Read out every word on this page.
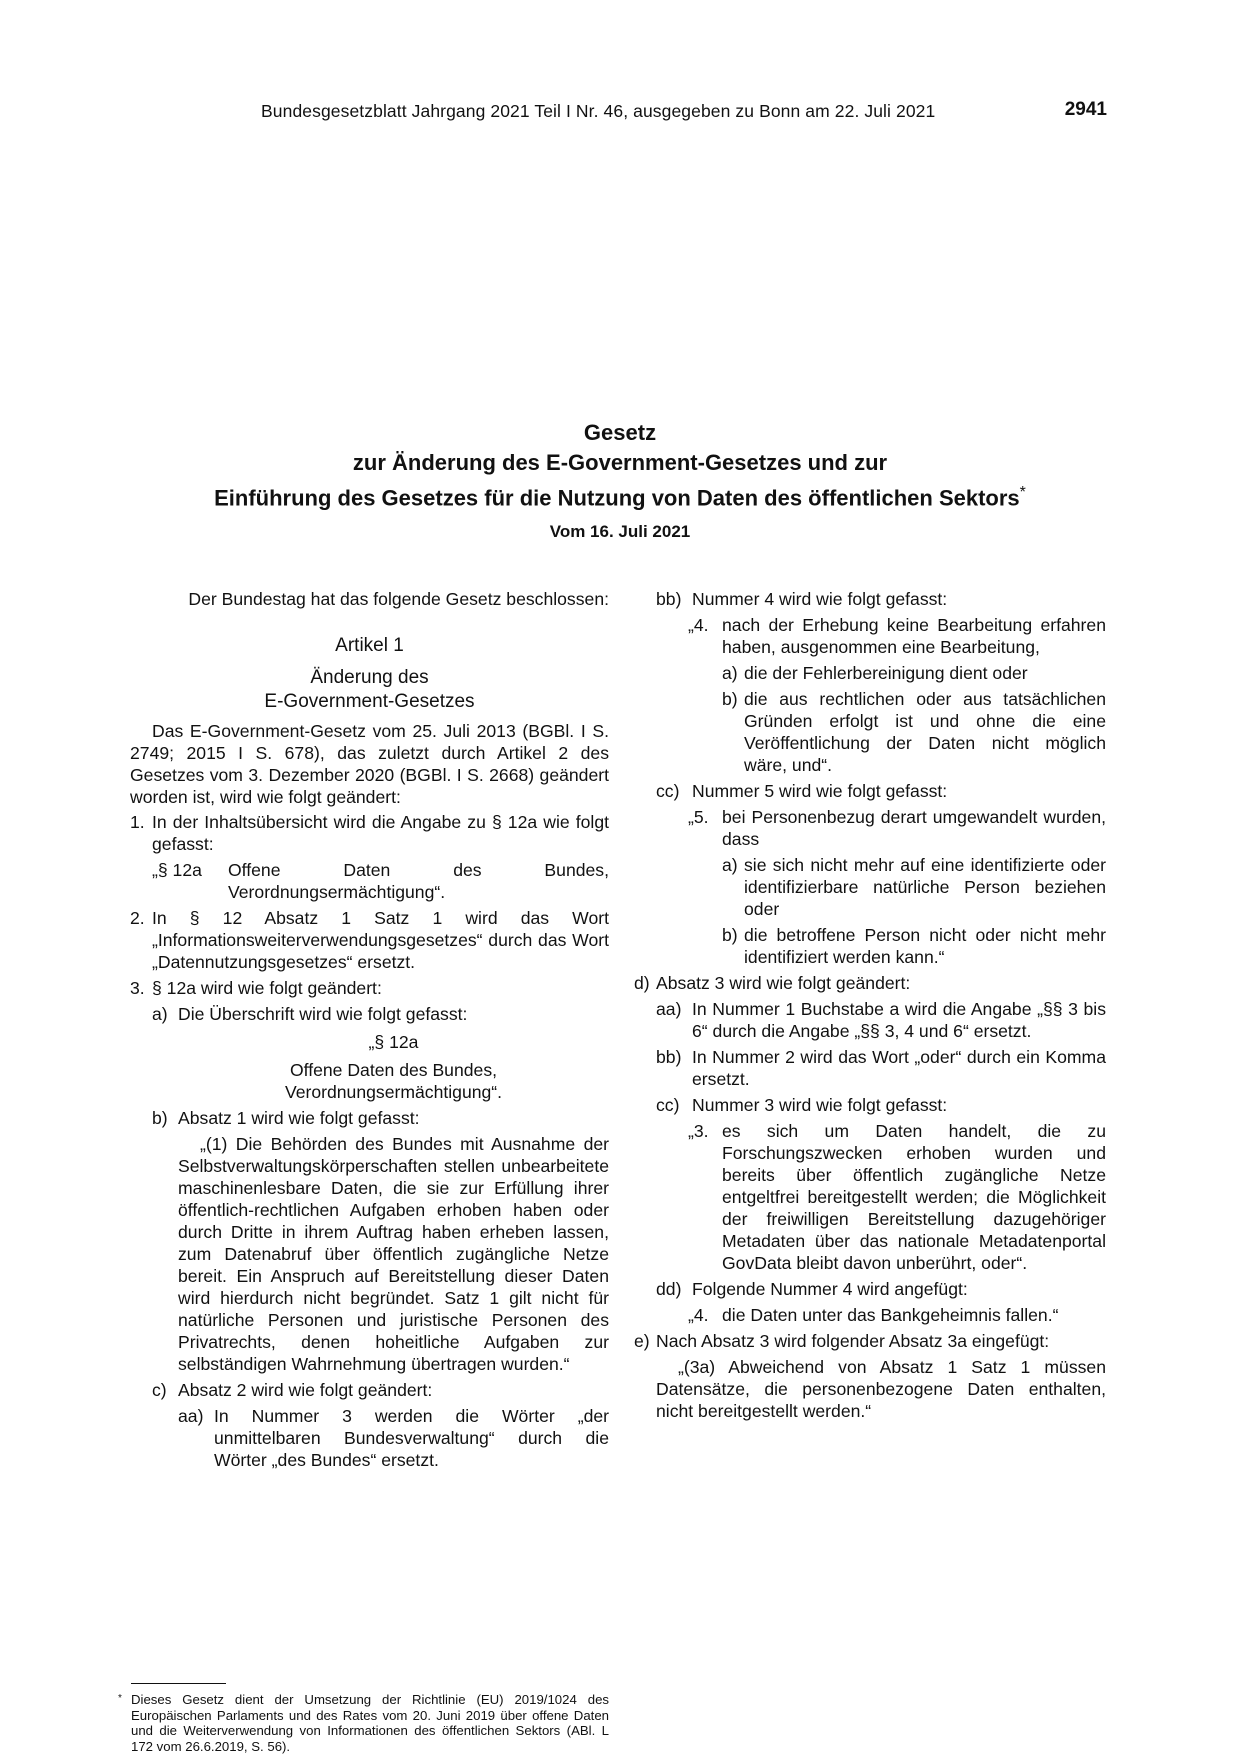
Bundesgesetzblatt Jahrgang 2021 Teil I Nr. 46, ausgegeben zu Bonn am 22. Juli 2021	2941
Gesetz
zur Änderung des E-Government-Gesetzes und zur
Einführung des Gesetzes für die Nutzung von Daten des öffentlichen Sektors*
Vom 16. Juli 2021

Der Bundestag hat das folgende Gesetz beschlossen:

Artikel 1

Änderung des

E-Government-Gesetzes

Das E-Government-Gesetz vom 25. Juli 2013 (BGBl. I S. 2749; 2015 I S. 678), das zuletzt durch Artikel 2 des Gesetzes vom 3. Dezember 2020 (BGBl. I S. 2668) geändert worden ist, wird wie folgt geändert:

1. In der Inhaltsübersicht wird die Angabe zu § 12a wie folgt gefasst:

„§ 12a Offene Daten des Bundes, Verordnungsermächtigung“.

2. In § 12 Absatz 1 Satz 1 wird das Wort „Informationsweiterverwendungsgesetzes“ durch das Wort „Datennutzungsgesetzes“ ersetzt.

3. § 12a wird wie folgt geändert:

a) Die Überschrift wird wie folgt gefasst:

„§ 12a

Offene Daten des Bundes,

Verordnungsermächtigung“.

b) Absatz 1 wird wie folgt gefasst:

„(1) Die Behörden des Bundes mit Ausnahme der Selbstverwaltungskörperschaften stellen unbearbeitete maschinenlesbare Daten, die sie zur Erfüllung ihrer öffentlich-rechtlichen Aufgaben erhoben haben oder durch Dritte in ihrem Auftrag haben erheben lassen, zum Datenabruf über öffentlich zugängliche Netze bereit. Ein Anspruch auf Bereitstellung dieser Daten wird hierdurch nicht begründet. Satz 1 gilt nicht für natürliche Personen und juristische Personen des Privatrechts, denen hoheitliche Aufgaben zur selbständigen Wahrnehmung übertragen wurden.“

c) Absatz 2 wird wie folgt geändert:

aa) In Nummer 3 werden die Wörter „der unmittelbaren Bundesverwaltung“ durch die Wörter „des Bundes“ ersetzt.

bb) Nummer 4 wird wie folgt gefasst:

„4. nach der Erhebung keine Bearbeitung erfahren haben, ausgenommen eine Bearbeitung,

a) die der Fehlerbereinigung dient oder

b) die aus rechtlichen oder aus tatsächlichen Gründen erfolgt ist und ohne die eine Veröffentlichung der Daten nicht möglich wäre, und“.

cc) Nummer 5 wird wie folgt gefasst:

„5. bei Personenbezug derart umgewandelt wurden, dass

a) sie sich nicht mehr auf eine identifizierte oder identifizierbare natürliche Person beziehen oder

b) die betroffene Person nicht oder nicht mehr identifiziert werden kann.“

d) Absatz 3 wird wie folgt geändert:

aa) In Nummer 1 Buchstabe a wird die Angabe „§§ 3 bis 6“ durch die Angabe „§§ 3, 4 und 6“ ersetzt.

bb) In Nummer 2 wird das Wort „oder“ durch ein Komma ersetzt.

cc) Nummer 3 wird wie folgt gefasst:

„3. es sich um Daten handelt, die zu Forschungszwecken erhoben wurden und bereits über öffentlich zugängliche Netze entgeltfrei bereitgestellt werden; die Möglichkeit der freiwilligen Bereitstellung dazugehöriger Metadaten über das nationale Metadatenportal GovData bleibt davon unberührt, oder“.

dd) Folgende Nummer 4 wird angefügt:

„4. die Daten unter das Bankgeheimnis fallen.“

e) Nach Absatz 3 wird folgender Absatz 3a eingefügt:

„(3a) Abweichend von Absatz 1 Satz 1 müssen Datensätze, die personenbezogene Daten enthalten, nicht bereitgestellt werden.“

* Dieses Gesetz dient der Umsetzung der Richtlinie (EU) 2019/1024 des Europäischen Parlaments und des Rates vom 20. Juni 2019 über offene Daten und die Weiterverwendung von Informationen des öffentlichen Sektors (ABl. L 172 vom 26.6.2019, S. 56).
